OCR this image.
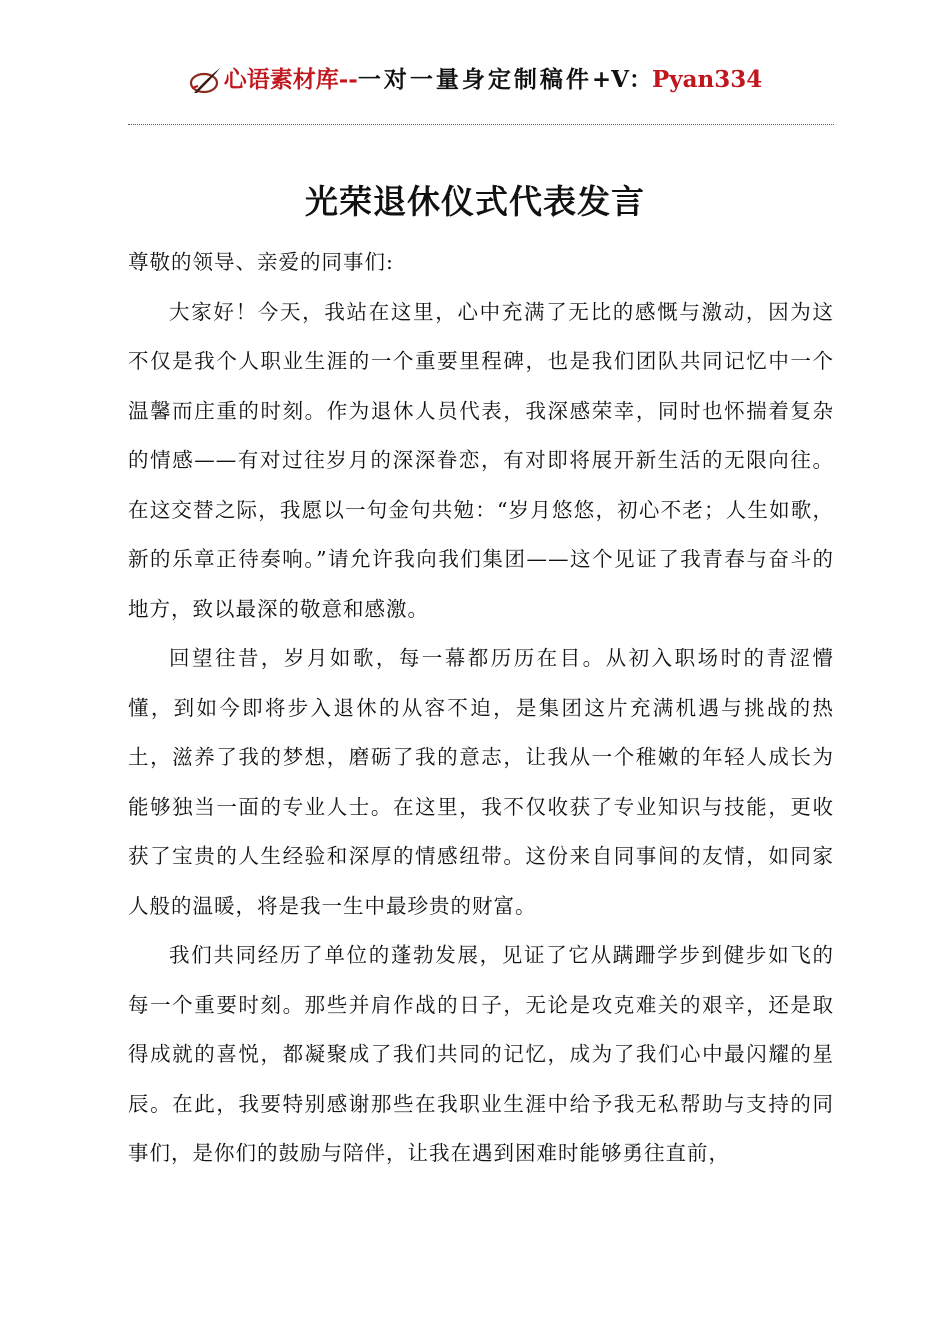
心语素材库--一对一量身定制稿件+V：Pyan334
光荣退休仪式代表发言

尊敬的领导、亲爱的同事们:

大家好！今天，我站在这里，心中充满了无比的感慨与激动，因为这不仅是我个人职业生涯的一个重要里程碑，也是我们团队共同记忆中一个温馨而庄重的时刻。作为退休人员代表，我深感荣幸，同时也怀揣着复杂的情感——有对过往岁月的深深眷恋，有对即将展开新生活的无限向往。在这交替之际，我愿以一句金句共勉：“岁月悠悠，初心不老；人生如歌，新的乐章正待奏响。”请允许我向我们集团——这个见证了我青春与奋斗的地方，致以最深的敬意和感激。

回望往昔，岁月如歌，每一幕都历历在目。从初入职场时的青涩懵懂，到如今即将步入退休的从容不迫，是集团这片充满机遇与挑战的热土，滋养了我的梦想，磨砺了我的意志，让我从一个稚嫩的年轻人成长为能够独当一面的专业人士。在这里，我不仅收获了专业知识与技能，更收获了宝贵的人生经验和深厚的情感纽带。这份来自同事间的友情，如同家人般的温暖，将是我一生中最珍贵的财富。

我们共同经历了单位的蓬勃发展，见证了它从蹒跚学步到健步如飞的每一个重要时刻。那些并肩作战的日子，无论是攻克难关的艰辛，还是取得成就的喜悦，都凝聚成了我们共同的记忆，成为了我们心中最闪耀的星辰。在此，我要特别感谢那些在我职业生涯中给予我无私帮助与支持的同事们，是你们的鼓励与陪伴，让我在遇到困难时能够勇往直前，
